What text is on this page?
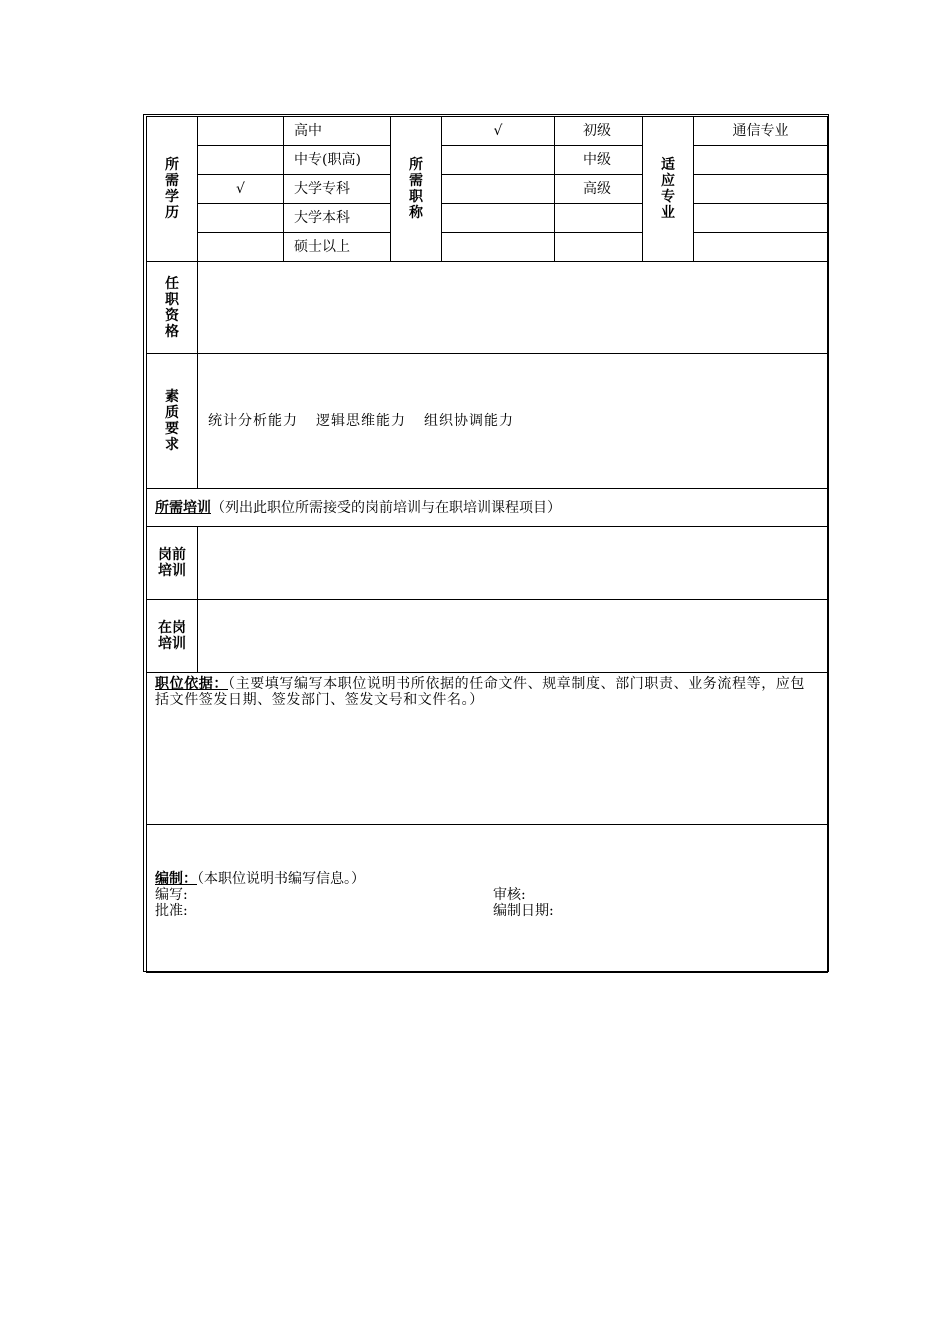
所需学历		高中	所需职称	√	初级	适应专业	通信专业
		中专(职高)			中级		
	√	大学专科			高级		
		大学本科					
		硕士以上					

任职资格							

素质要求	统计分析能力 逻辑思维能力 组织协调能力						
所需培训（列出此职位所需接受的岗前培训与在职培训课程项目）							

岗前
培训							

在岗
培训							

职位依据：（主要填写编写本职位说明书所依据的任命文件、规章制度、部门职责、业务流程等，应包括文件签发日期、签发部门、签发文号和文件名。）							

编制：（本职位说明书编写信息。）
编写: 审核:
批准: 编制日期:							
